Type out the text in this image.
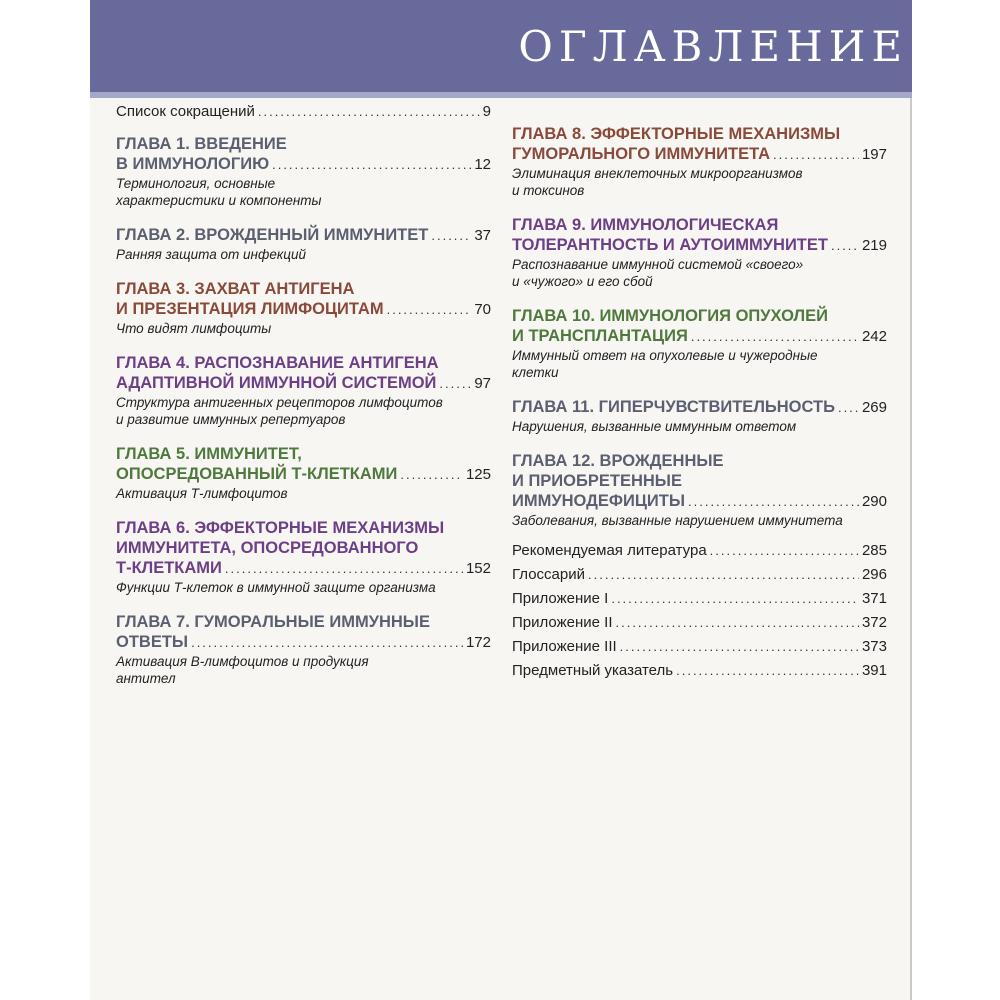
ОГЛАВЛЕНИЕ
Список сокращений .....	9
ГЛАВА 1. ВВЕДЕНИЕ
В ИММУНОЛОГИЮ .....	12
Терминология, основные
характеристики и компоненты
ГЛАВА 2. ВРОЖДЕННЫЙ ИММУНИТЕТ .....	37
Ранняя защита от инфекций
ГЛАВА 3. ЗАХВАТ АНТИГЕНА
И ПРЕЗЕНТАЦИЯ ЛИМФОЦИТАМ .....	70
Что видят лимфоциты
ГЛАВА 4. РАСПОЗНАВАНИЕ АНТИГЕНА
АДАПТИВНОЙ ИММУННОЙ СИСТЕМОЙ .....	97
Структура антигенных рецепторов лимфоцитов
и развитие иммунных репертуаров
ГЛАВА 5. ИММУНИТЕТ,
ОПОСРЕДОВАННЫЙ Т-КЛЕТКАМИ .....	125
Активация Т-лимфоцитов
ГЛАВА 6. ЭФФЕКТОРНЫЕ МЕХАНИЗМЫ
ИММУНИТЕТА, ОПОСРЕДОВАННОГО
Т-КЛЕТКАМИ .....	152
Функции Т-клеток в иммунной защите организма
ГЛАВА 7. ГУМОРАЛЬНЫЕ ИММУННЫЕ
ОТВЕТЫ .....	172
Активация В-лимфоцитов и продукция
антител
ГЛАВА 8. ЭФФЕКТОРНЫЕ МЕХАНИЗМЫ
ГУМОРАЛЬНОГО ИММУНИТЕТА .....	197
Элиминация внеклеточных микроорганизмов
и токсинов
ГЛАВА 9. ИММУНОЛОГИЧЕСКАЯ
ТОЛЕРАНТНОСТЬ И АУТОИММУНИТЕТ ..... 219
Распознавание иммунной системой «своего»
и «чужого» и его сбой
ГЛАВА 10. ИММУНОЛОГИЯ ОПУХОЛЕЙ
И ТРАНСПЛАНТАЦИЯ .....	242
Иммунный ответ на опухолевые и чужеродные
клетки
ГЛАВА 11. ГИПЕРЧУВСТВИТЕЛЬНОСТЬ ..... 269
Нарушения, вызванные иммунным ответом
ГЛАВА 12. ВРОЖДЕННЫЕ
И ПРИОБРЕТЕННЫЕ
ИММУНОДЕФИЦИТЫ .....	290
Заболевания, вызванные нарушением иммунитета
Рекомендуемая литература .....	285
Глоссарий .....	296
Приложение I .....	371
Приложение II .....	372
Приложение III .....	373
Предметный указатель .....	391
